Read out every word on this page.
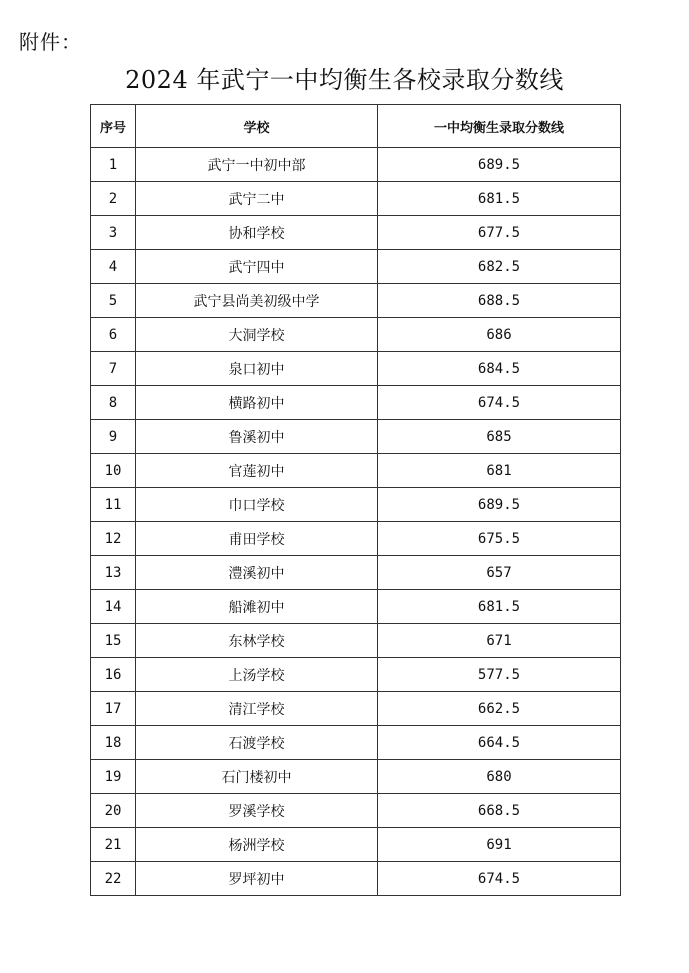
附件：
2024 年武宁一中均衡生各校录取分数线
序号	学校	一中均衡生录取分数线
1	武宁一中初中部	689.5
2	武宁二中	681.5
3	协和学校	677.5
4	武宁四中	682.5
5	武宁县尚美初级中学	688.5
6	大洞学校	686
7	泉口初中	684.5
8	横路初中	674.5
9	鲁溪初中	685
10	官莲初中	681
11	巾口学校	689.5
12	甫田学校	675.5
13	澧溪初中	657
14	船滩初中	681.5
15	东林学校	671
16	上汤学校	577.5
17	清江学校	662.5
18	石渡学校	664.5
19	石门楼初中	680
20	罗溪学校	668.5
21	杨洲学校	691
22	罗坪初中	674.5
